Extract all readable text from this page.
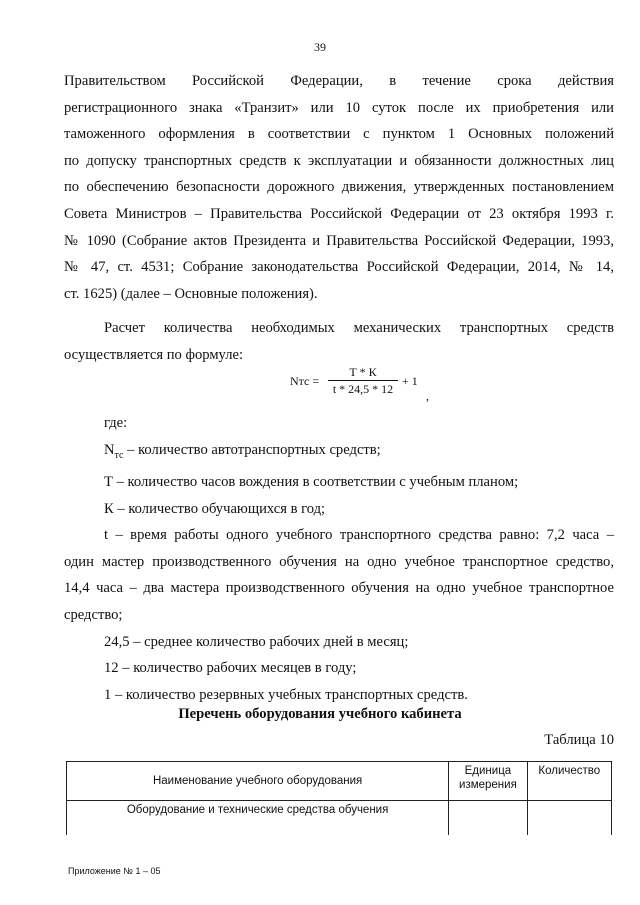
39
Правительством Российской Федерации, в течение срока действия
регистрационного знака «Транзит» или 10 суток после их приобретения или
таможенного оформления в соответствии с пунктом 1 Основных положений
по допуску транспортных средств к эксплуатации и обязанности должностных лиц
по обеспечению безопасности дорожного движения, утвержденных постановлением
Совета Министров – Правительства Российской Федерации от 23 октября 1993 г.
№ 1090 (Собрание актов Президента и Правительства Российской Федерации, 1993,
№ 47, ст. 4531; Собрание законодательства Российской Федерации, 2014, № 14,
ст. 1625) (далее – Основные положения).
Расчет количества необходимых механических транспортных средств
осуществляется по формуле:
Nтс =
Т * К
t * 24,5 * 12
+ 1
,
где:
$N_{тс}$ – количество автотранспортных средств;
Т – количество часов вождения в соответствии с учебным планом;
К – количество обучающихся в год;
t – время работы одного учебного транспортного средства равно: 7,2 часа –
один мастер производственного обучения на одно учебное транспортное средство,
14,4 часа – два мастера производственного обучения на одно учебное транспортное
средство;
24,5 – среднее количество рабочих дней в месяц;
12 – количество рабочих месяцев в году;
1 – количество резервных учебных транспортных средств.
Перечень оборудования учебного кабинета
Таблица 10
Наименование учебного оборудования	Единица измерения	Количество
Оборудование и технические средства обучения		
Приложение № 1 – 05
